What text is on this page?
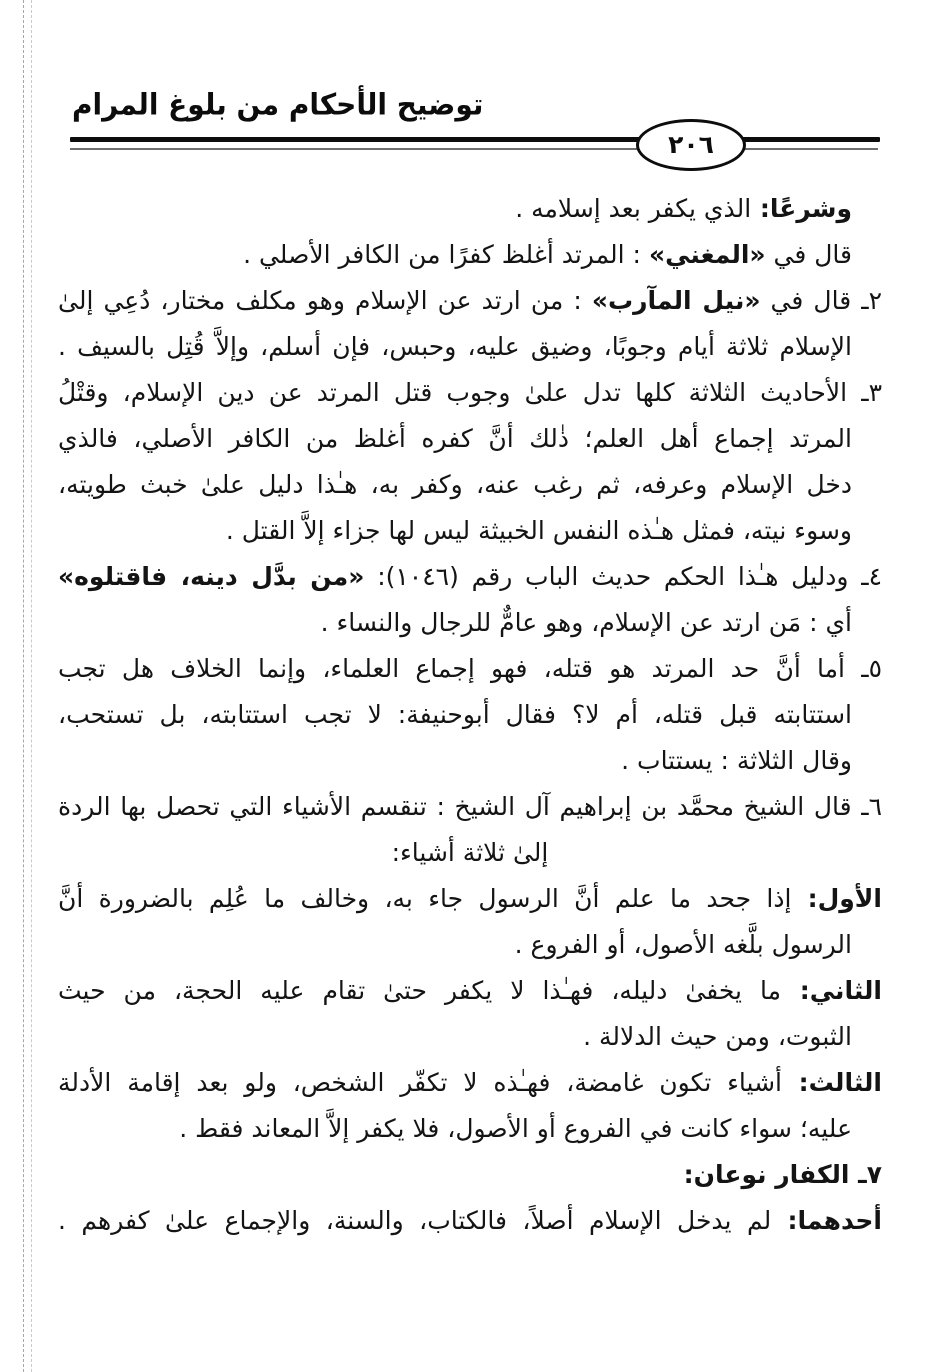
توضيح الأحكام من بلوغ المرام
٢٠٦
وشرعًا: الذي يكفر بعد إسلامه .
قال في «المغني» : المرتد أغلظ كفرًا من الكافر الأصلي .
٢ـ قال في «نيل المآرب» : من ارتد عن الإسلام وهو مكلف مختار، دُعِي إلىٰ
الإسلام ثلاثة أيام وجوبًا، وضيق عليه، وحبس، فإن أسلم، وإلاَّ قُتِل بالسيف .
٣ـ الأحاديث الثلاثة كلها تدل علىٰ وجوب قتل المرتد عن دين الإسلام، وقتْلُ
المرتد إجماع أهل العلم؛ ذٰلك أنَّ كفره أغلظ من الكافر الأصلي، فالذي
دخل الإسلام وعرفه، ثم رغب عنه، وكفر به، هـٰذا دليل علىٰ خبث طويته،
وسوء نيته، فمثل هـٰذه النفس الخبيثة ليس لها جزاء إلاَّ القتل .
٤ـ ودليل هـٰذا الحكم حديث الباب رقم (١٠٤٦): «من بدَّل دينه، فاقتلوه»
أي : مَن ارتد عن الإسلام، وهو عامٌّ للرجال والنساء .
٥ـ أما أنَّ حد المرتد هو قتله، فهو إجماع العلماء، وإنما الخلاف هل تجب
استتابته قبل قتله، أم لا؟ فقال أبوحنيفة: لا تجب استتابته، بل تستحب،
وقال الثلاثة : يستتاب .
٦ـ قال الشيخ محمَّد بن إبراهيم آل الشيخ : تنقسم الأشياء التي تحصل بها الردة
إلىٰ ثلاثة أشياء:
الأول: إذا جحد ما علم أنَّ الرسول جاء به، وخالف ما عُلِم بالضرورة أنَّ
الرسول بلَّغه الأصول، أو الفروع .
الثاني: ما يخفىٰ دليله، فهـٰذا لا يكفر حتىٰ تقام عليه الحجة، من حيث
الثبوت، ومن حيث الدلالة .
الثالث: أشياء تكون غامضة، فهـٰذه لا تكفّر الشخص، ولو بعد إقامة الأدلة
عليه؛ سواء كانت في الفروع أو الأصول، فلا يكفر إلاَّ المعاند فقط .
٧ـ الكفار نوعان:
أحدهما: لم يدخل الإسلام أصلاً، فالكتاب، والسنة، والإجماع علىٰ كفرهم .
